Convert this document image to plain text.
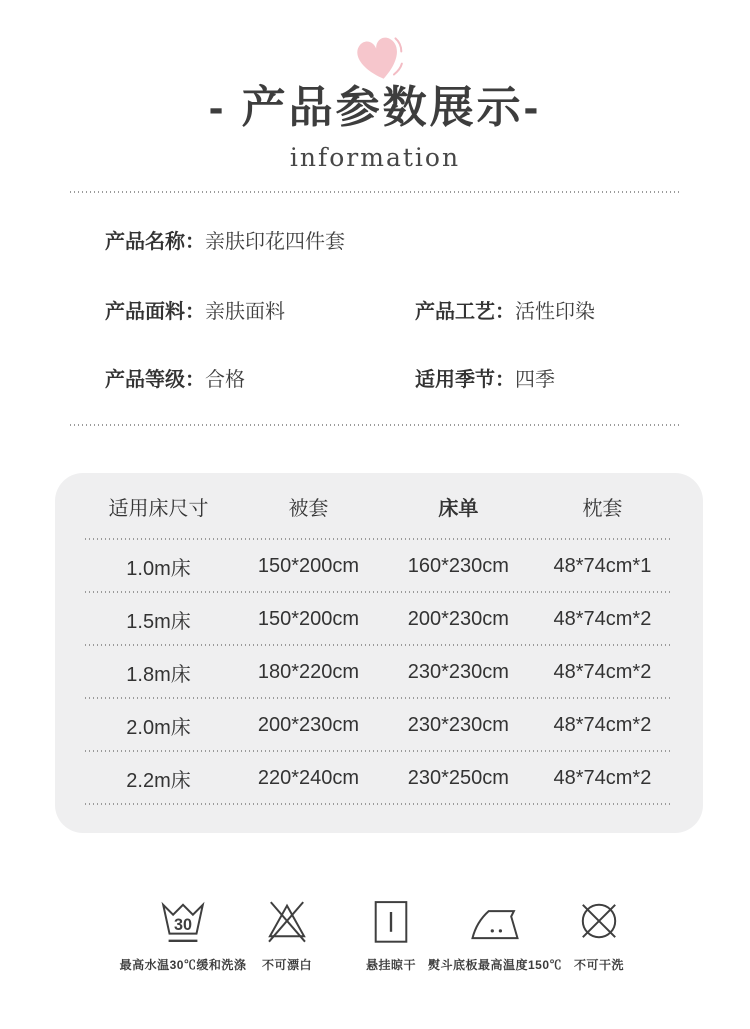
- 产品参数展示-
information
产品名称：亲肤印花四件套
产品面料：亲肤面料	产品工艺：活性印染
产品等级：合格	适用季节：四季
适用床尺寸	被套	床单	枕套
1.0m床	150*200cm	160*230cm	48*74cm*1
1.5m床	150*200cm	200*230cm	48*74cm*2
1.8m床	180*220cm	230*230cm	48*74cm*2
2.0m床	200*230cm	230*230cm	48*74cm*2
2.2m床	220*240cm	230*250cm	48*74cm*2
30
最高水温30℃缓和洗涤 不可漂白	悬挂晾干 熨斗底板最高温度150℃ 不可干洗
